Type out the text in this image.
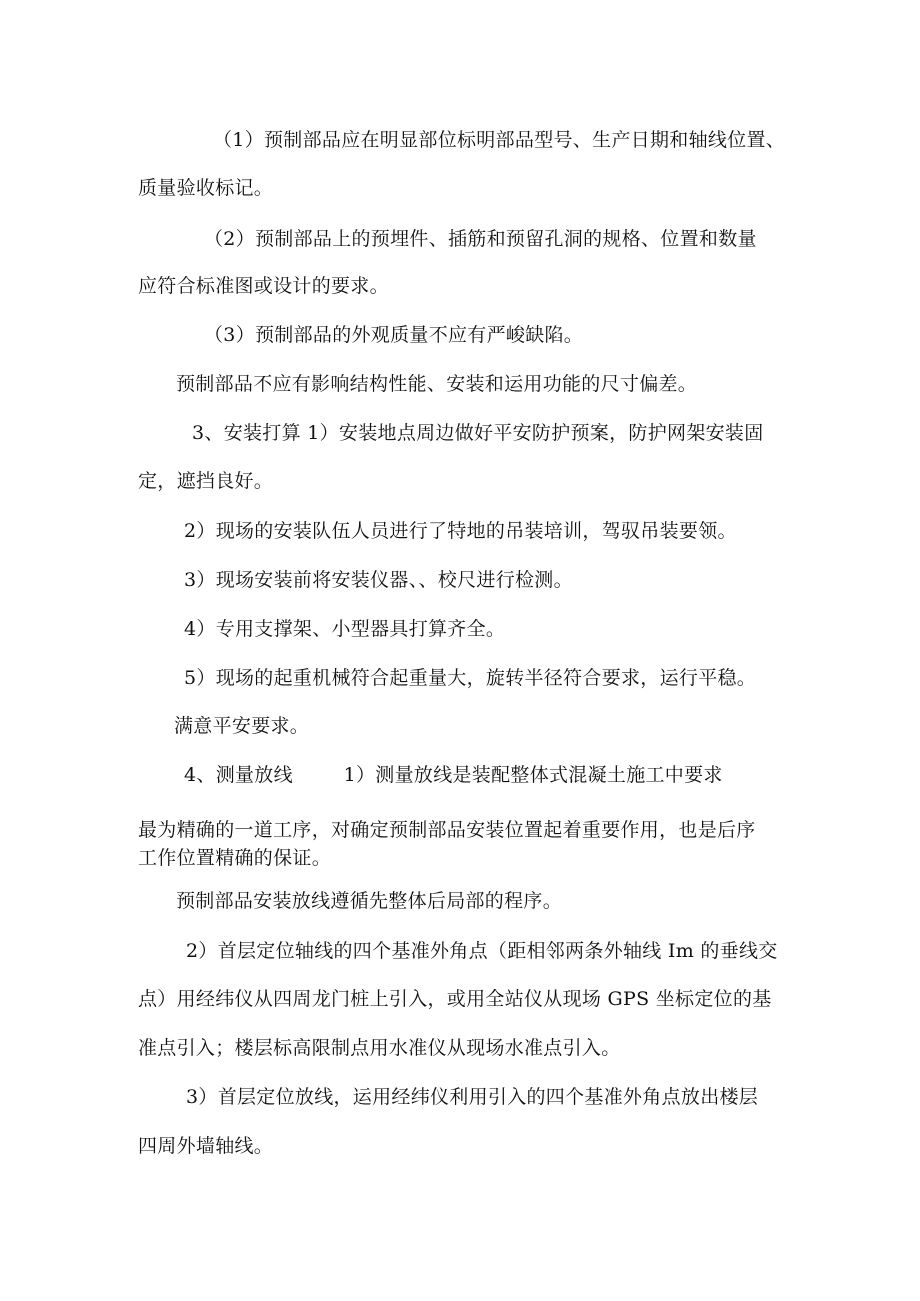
（1）预制部品应在明显部位标明部品型号、生产日期和轴线位置、
质量验收标记。
（2）预制部品上的预埋件、插筋和预留孔洞的规格、位置和数量
应符合标准图或设计的要求。
（3）预制部品的外观质量不应有严峻缺陷。
预制部品不应有影响结构性能、安装和运用功能的尺寸偏差。
3、安装打算 1）安装地点周边做好平安防护预案，防护网架安装固
定，遮挡良好。
2）现场的安装队伍人员进行了特地的吊装培训，驾驭吊装要领。
3）现场安装前将安装仪器、、校尺进行检测。
4）专用支撑架、小型器具打算齐全。
5）现场的起重机械符合起重量大，旋转半径符合要求，运行平稳。
满意平安要求。
4、测量放线        1）测量放线是装配整体式混凝土施工中要求
最为精确的一道工序，对确定预制部品安装位置起着重要作用，也是后序
工作位置精确的保证。
预制部品安装放线遵循先整体后局部的程序。
2）首层定位轴线的四个基准外角点（距相邻两条外轴线 Im 的垂线交
点）用经纬仪从四周龙门桩上引入，或用全站仪从现场 GPS 坐标定位的基
准点引入；楼层标高限制点用水准仪从现场水准点引入。
3）首层定位放线，运用经纬仪利用引入的四个基准外角点放出楼层
四周外墙轴线。
